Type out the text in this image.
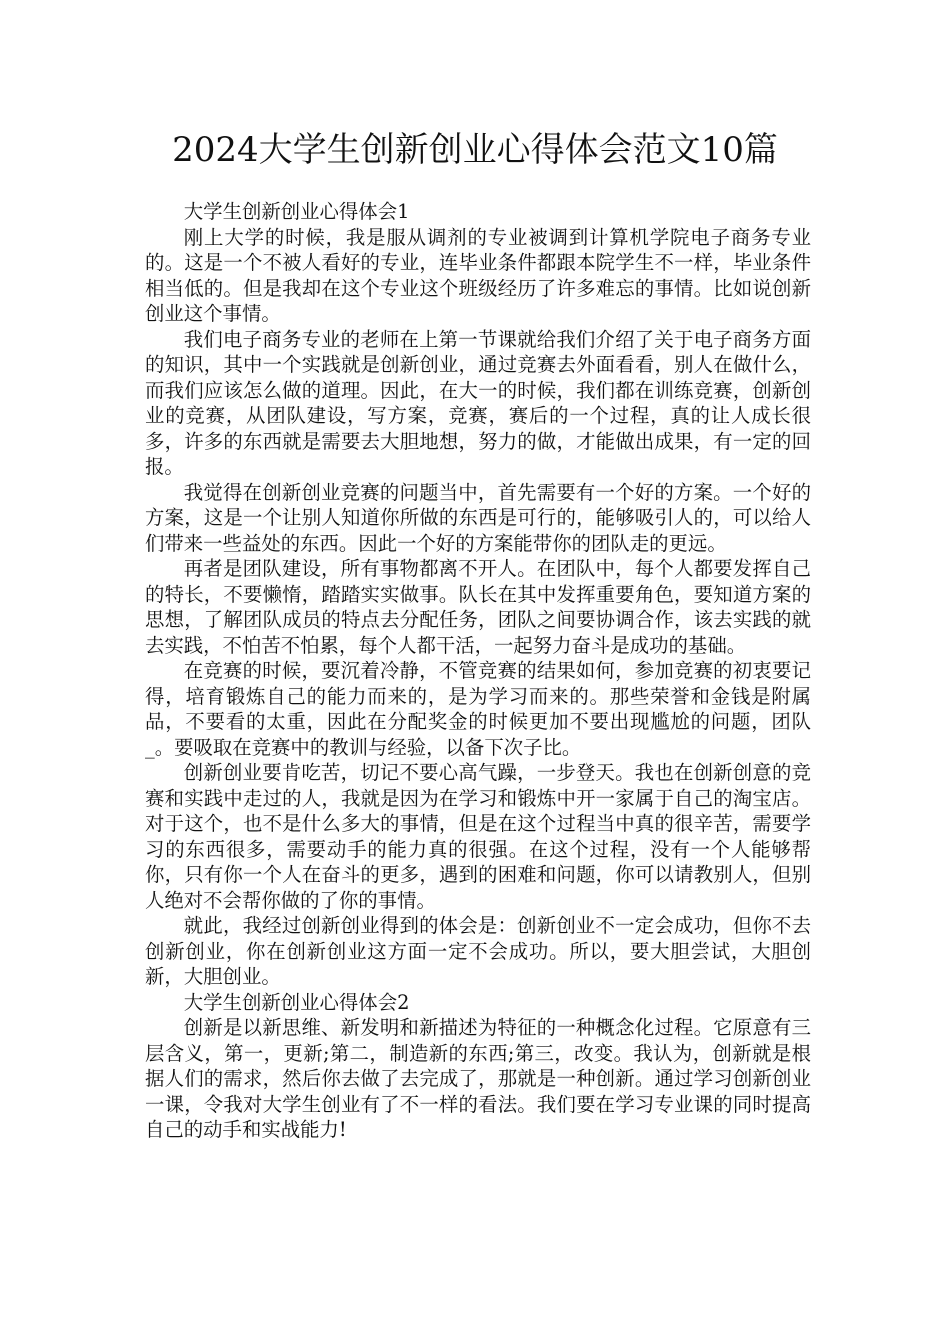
2024大学生创新创业心得体会范文10篇

大学生创新创业心得体会1

刚上大学的时候，我是服从调剂的专业被调到计算机学院电子商务专业的。这是一个不被人看好的专业，连毕业条件都跟本院学生不一样，毕业条件相当低的。但是我却在这个专业这个班级经历了许多难忘的事情。比如说创新创业这个事情。

我们电子商务专业的老师在上第一节课就给我们介绍了关于电子商务方面的知识，其中一个实践就是创新创业，通过竞赛去外面看看，别人在做什么，而我们应该怎么做的道理。因此，在大一的时候，我们都在训练竞赛，创新创业的竞赛，从团队建设，写方案，竞赛，赛后的一个过程，真的让人成长很多，许多的东西就是需要去大胆地想，努力的做，才能做出成果，有一定的回报。

我觉得在创新创业竞赛的问题当中，首先需要有一个好的方案。一个好的方案，这是一个让别人知道你所做的东西是可行的，能够吸引人的，可以给人们带来一些益处的东西。因此一个好的方案能带你的团队走的更远。

再者是团队建设，所有事物都离不开人。在团队中，每个人都要发挥自己的特长，不要懒惰，踏踏实实做事。队长在其中发挥重要角色，要知道方案的思想，了解团队成员的特点去分配任务，团队之间要协调合作，该去实践的就去实践，不怕苦不怕累，每个人都干活，一起努力奋斗是成功的基础。

在竞赛的时候，要沉着冷静，不管竞赛的结果如何，参加竞赛的初衷要记得，培育锻炼自己的能力而来的，是为学习而来的。那些荣誉和金钱是附属品，不要看的太重，因此在分配奖金的时候更加不要出现尴尬的问题，团队_。要吸取在竞赛中的教训与经验，以备下次子比。

创新创业要肯吃苦，切记不要心高气躁，一步登天。我也在创新创意的竞赛和实践中走过的人，我就是因为在学习和锻炼中开一家属于自己的淘宝店。对于这个，也不是什么多大的事情，但是在这个过程当中真的很辛苦，需要学习的东西很多，需要动手的能力真的很强。在这个过程，没有一个人能够帮你，只有你一个人在奋斗的更多，遇到的困难和问题，你可以请教别人，但别人绝对不会帮你做的了你的事情。

就此，我经过创新创业得到的体会是：创新创业不一定会成功，但你不去创新创业，你在创新创业这方面一定不会成功。所以，要大胆尝试，大胆创新，大胆创业。

大学生创新创业心得体会2

创新是以新思维、新发明和新描述为特征的一种概念化过程。它原意有三层含义，第一，更新;第二，制造新的东西;第三，改变。我认为，创新就是根据人们的需求，然后你去做了去完成了，那就是一种创新。通过学习创新创业一课，令我对大学生创业有了不一样的看法。我们要在学习专业课的同时提高自己的动手和实战能力!
